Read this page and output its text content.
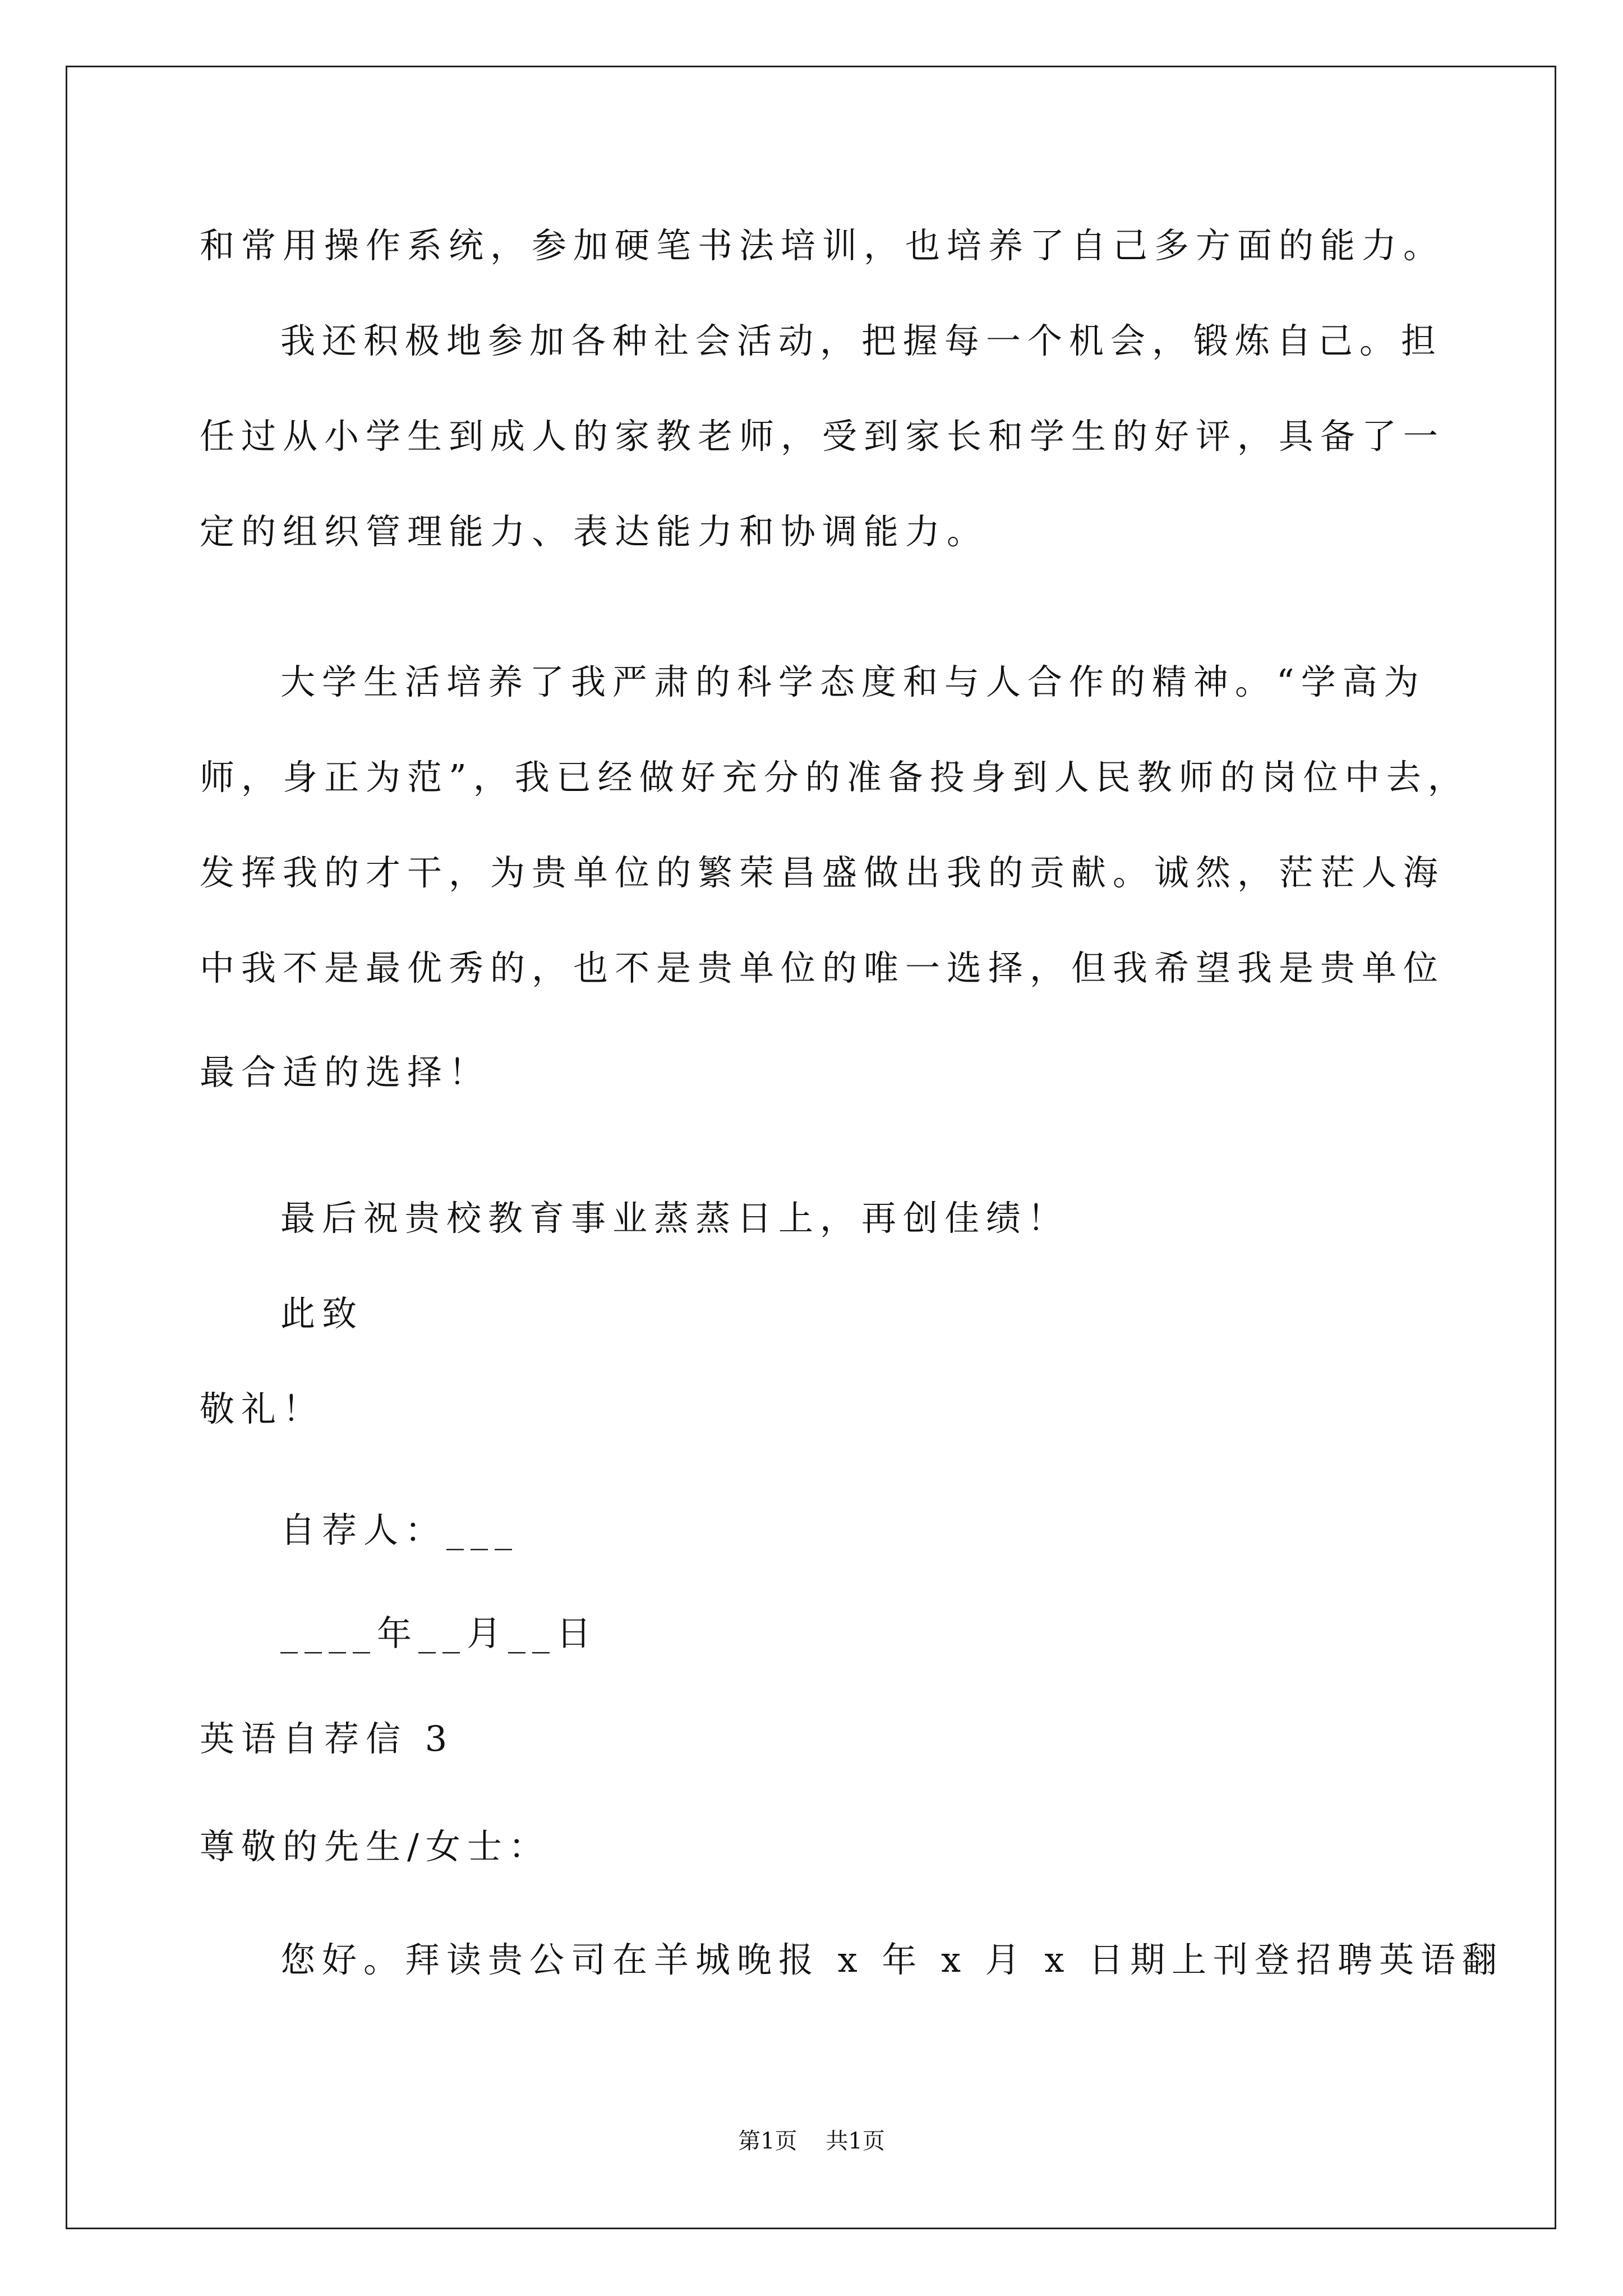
和常用操作系统，参加硬笔书法培训，也培养了自己多方面的能力。
我还积极地参加各种社会活动，把握每一个机会，锻炼自己。担
任过从小学生到成人的家教老师，受到家长和学生的好评，具备了一
定的组织管理能力、表达能力和协调能力。
大学生活培养了我严肃的科学态度和与人合作的精神。“学高为
师，身正为范”，我已经做好充分的准备投身到人民教师的岗位中去，
发挥我的才干，为贵单位的繁荣昌盛做出我的贡献。诚然，茫茫人海
中我不是最优秀的，也不是贵单位的唯一选择，但我希望我是贵单位
最合适的选择！
最后祝贵校教育事业蒸蒸日上，再创佳绩！
此致
敬礼！
自荐人：___
____年__月__日
英语自荐信 3
尊敬的先生/女士：
您好。拜读贵公司在羊城晚报 x 年 x 月 x 日期上刊登招聘英语翻
第1页    共1页
